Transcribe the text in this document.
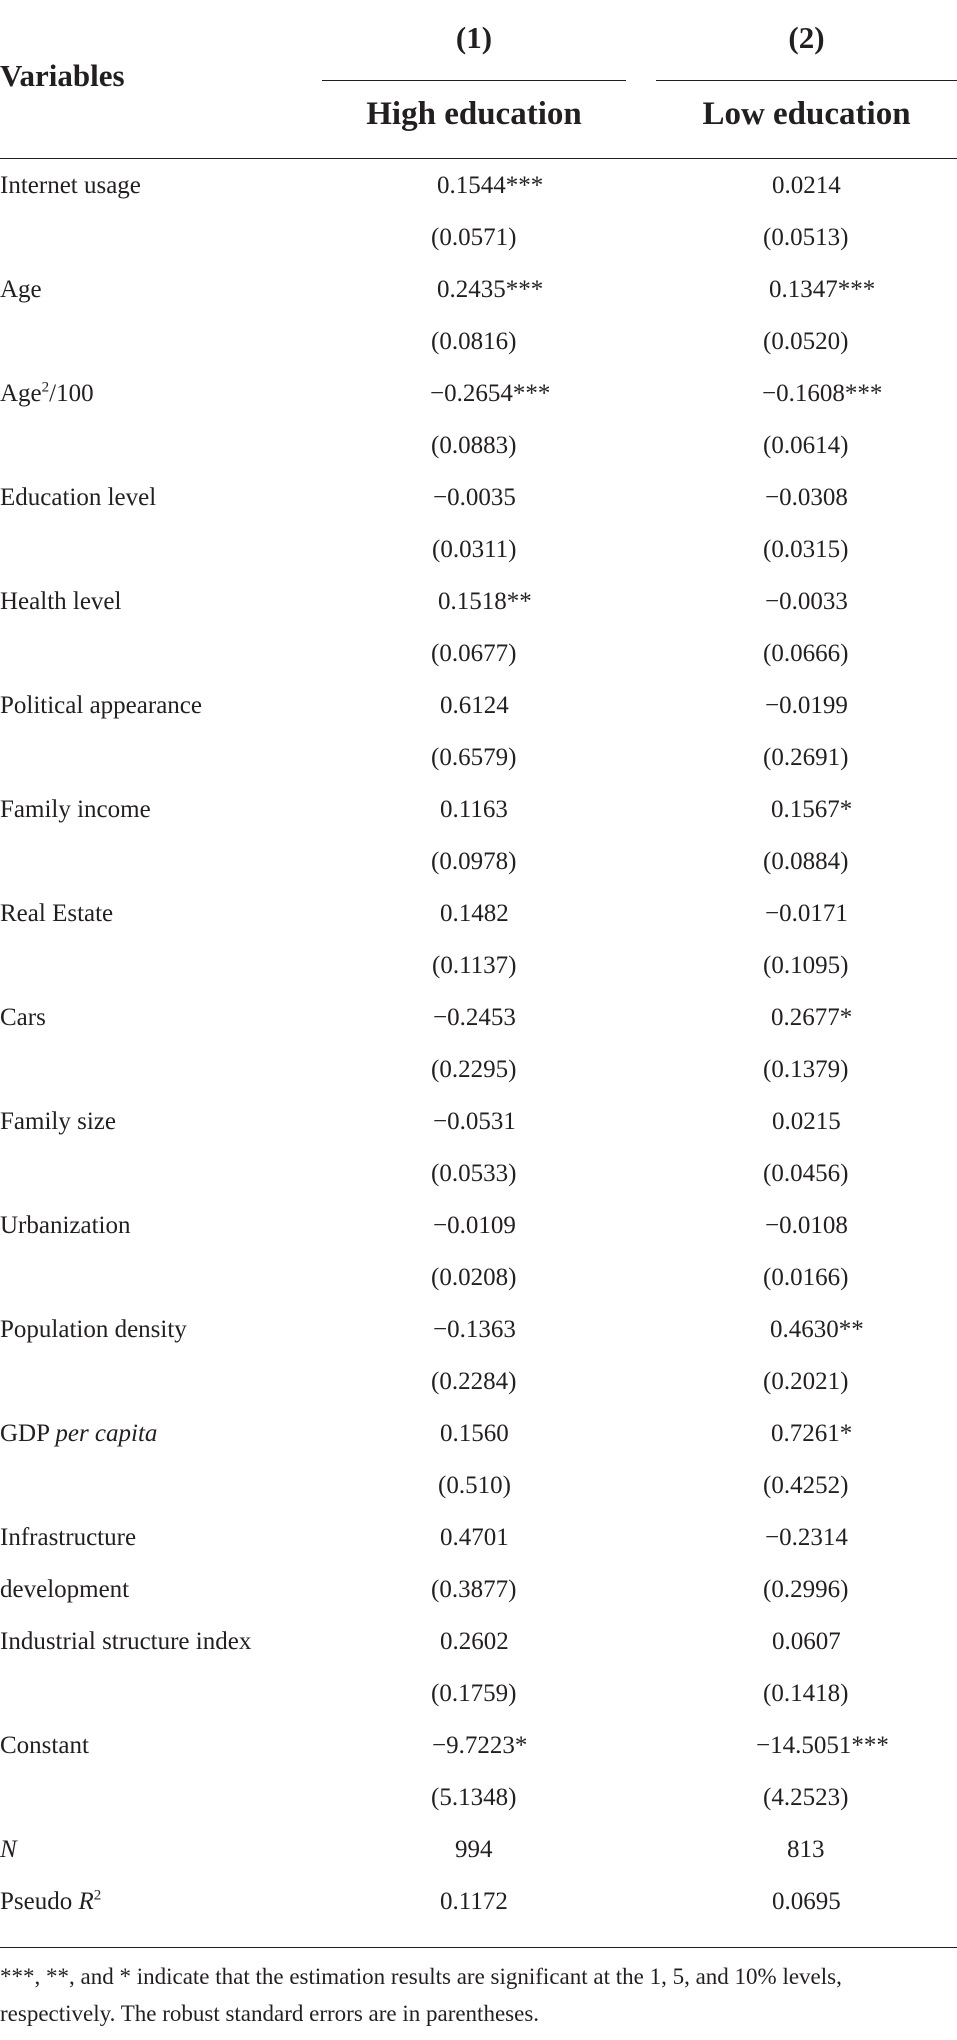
Variables
(1)	(2)
High education	Low education
Internet usage	0.1544***	0.0214
(0.0571)	(0.0513)
Age	0.2435***	0.1347***
(0.0816)	(0.0520)
Age$^2$/100	−0.2654***	−0.1608***
(0.0883)	(0.0614)
Education level	−0.0035	−0.0308
(0.0311)	(0.0315)
Health level	0.1518**	−0.0033
(0.0677)	(0.0666)
Political appearance	0.6124	−0.0199
(0.6579)	(0.2691)
Family income	0.1163	0.1567*
(0.0978)	(0.0884)
Real Estate	0.1482	−0.0171
(0.1137)	(0.1095)
Cars	−0.2453	0.2677*
(0.2295)	(0.1379)
Family size	−0.0531	0.0215
(0.0533)	(0.0456)
Urbanization	−0.0109	−0.0108
(0.0208)	(0.0166)
Population density	−0.1363	0.4630**
(0.2284)	(0.2021)
GDP per capita	0.1560	0.7261*
(0.510)	(0.4252)
Infrastructure	0.4701	−0.2314
development	(0.3877)	(0.2996)
Industrial structure index	0.2602	0.0607
(0.1759)	(0.1418)
Constant	−9.7223*	−14.5051***
(5.1348)	(4.2523)
N	994	813
Pseudo $R^2$	0.1172	0.0695
***, **, and * indicate that the estimation results are significant at the 1, 5, and 10% levels, respectively. The robust standard errors are in parentheses.
